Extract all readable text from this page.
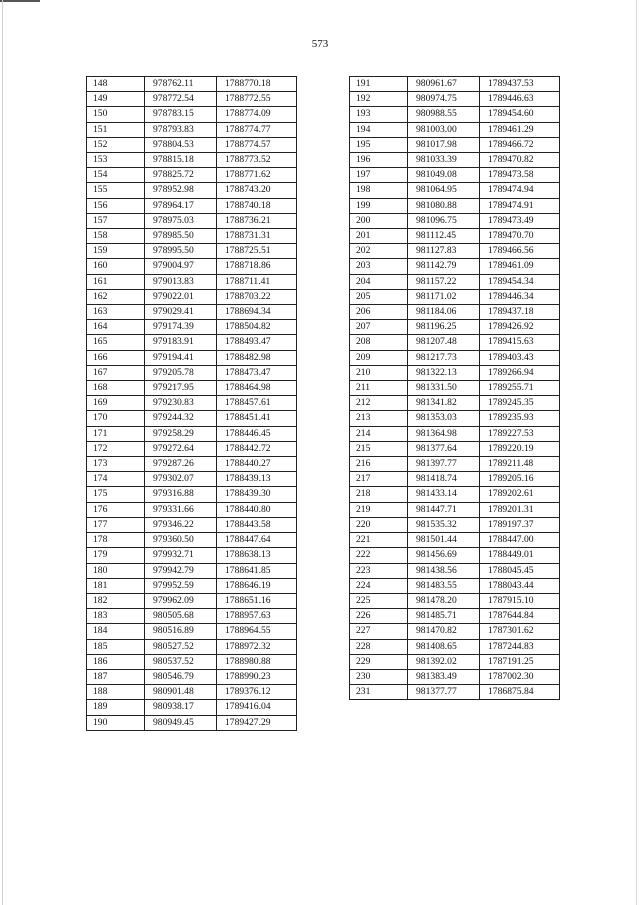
573
148	978762.11	1788770.18
149	978772.54	1788772.55
150	978783.15	1788774.09
151	978793.83	1788774.77
152	978804.53	1788774.57
153	978815.18	1788773.52
154	978825.72	1788771.62
155	978952.98	1788743.20
156	978964.17	1788740.18
157	978975.03	1788736.21
158	978985.50	1788731.31
159	978995.50	1788725.51
160	979004.97	1788718.86
161	979013.83	1788711.41
162	979022.01	1788703.22
163	979029.41	1788694.34
164	979174.39	1788504.82
165	979183.91	1788493.47
166	979194.41	1788482.98
167	979205.78	1788473.47
168	979217.95	1788464.98
169	979230.83	1788457.61
170	979244.32	1788451.41
171	979258.29	1788446.45
172	979272.64	1788442.72
173	979287.26	1788440.27
174	979302.07	1788439.13
175	979316.88	1788439.30
176	979331.66	1788440.80
177	979346.22	1788443.58
178	979360.50	1788447.64
179	979932.71	1788638.13
180	979942.79	1788641.85
181	979952.59	1788646.19
182	979962.09	1788651.16
183	980505.68	1788957.63
184	980516.89	1788964.55
185	980527.52	1788972.32
186	980537.52	1788980.88
187	980546.79	1788990.23
188	980901.48	1789376.12
189	980938.17	1789416.04
190	980949.45	1789427.29
191	980961.67	1789437.53
192	980974.75	1789446.63
193	980988.55	1789454.60
194	981003.00	1789461.29
195	981017.98	1789466.72
196	981033.39	1789470.82
197	981049.08	1789473.58
198	981064.95	1789474.94
199	981080.88	1789474.91
200	981096.75	1789473.49
201	981112.45	1789470.70
202	981127.83	1789466.56
203	981142.79	1789461.09
204	981157.22	1789454.34
205	981171.02	1789446.34
206	981184.06	1789437.18
207	981196.25	1789426.92
208	981207.48	1789415.63
209	981217.73	1789403.43
210	981322.13	1789266.94
211	981331.50	1789255.71
212	981341.82	1789245.35
213	981353.03	1789235.93
214	981364.98	1789227.53
215	981377.64	1789220.19
216	981397.77	1789211.48
217	981418.74	1789205.16
218	981433.14	1789202.61
219	981447.71	1789201.31
220	981535.32	1789197.37
221	981501.44	1788447.00
222	981456.69	1788449.01
223	981438.56	1788045.45
224	981483.55	1788043.44
225	981478.20	1787915.10
226	981485.71	1787644.84
227	981470.82	1787301.62
228	981408.65	1787244.83
229	981392.02	1787191.25
230	981383.49	1787002.30
231	981377.77	1786875.84
